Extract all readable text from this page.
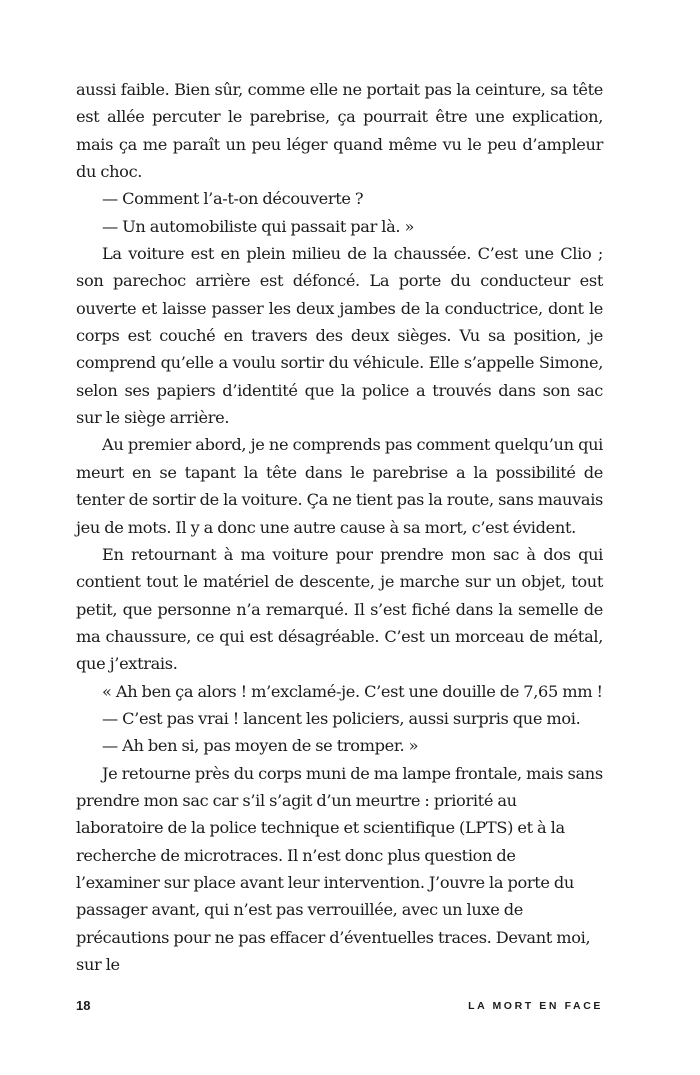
aussi faible. Bien sûr, comme elle ne portait pas la ceinture, sa tête est allée percuter le parebrise, ça pourrait être une explication, mais ça me paraît un peu léger quand même vu le peu d’ampleur du choc.

— Comment l’a-t-on découverte ?

— Un automobiliste qui passait par là. »

La voiture est en plein milieu de la chaussée. C’est une Clio ; son parechoc arrière est défoncé. La porte du conducteur est ouverte et laisse passer les deux jambes de la conductrice, dont le corps est couché en travers des deux sièges. Vu sa position, je comprend qu’elle a voulu sortir du véhicule. Elle s’appelle Simone, selon ses papiers d’identité que la police a trouvés dans son sac sur le siège arrière.

Au premier abord, je ne comprends pas comment quelqu’un qui meurt en se tapant la tête dans le parebrise a la possibilité de tenter de sortir de la voiture. Ça ne tient pas la route, sans mauvais jeu de mots. Il y a donc une autre cause à sa mort, c’est évident.

En retournant à ma voiture pour prendre mon sac à dos qui contient tout le matériel de descente, je marche sur un objet, tout petit, que personne n’a remarqué. Il s’est fiché dans la semelle de ma chaussure, ce qui est désagréable. C’est un morceau de métal, que j’extrais.

« Ah ben ça alors ! m’exclamé-je. C’est une douille de 7,65 mm !

— C’est pas vrai ! lancent les policiers, aussi surpris que moi.

— Ah ben si, pas moyen de se tromper. »

Je retourne près du corps muni de ma lampe frontale, mais sans prendre mon sac car s’il s’agit d’un meurtre : priorité au laboratoire de la police technique et scientifique (LPTS) et à la recherche de microtraces. Il n’est donc plus question de l’examiner sur place avant leur intervention. J’ouvre la porte du passager avant, qui n’est pas verrouillée, avec un luxe de précautions pour ne pas effacer d’éventuelles traces. Devant moi, sur le

18	LA MORT EN FACE
